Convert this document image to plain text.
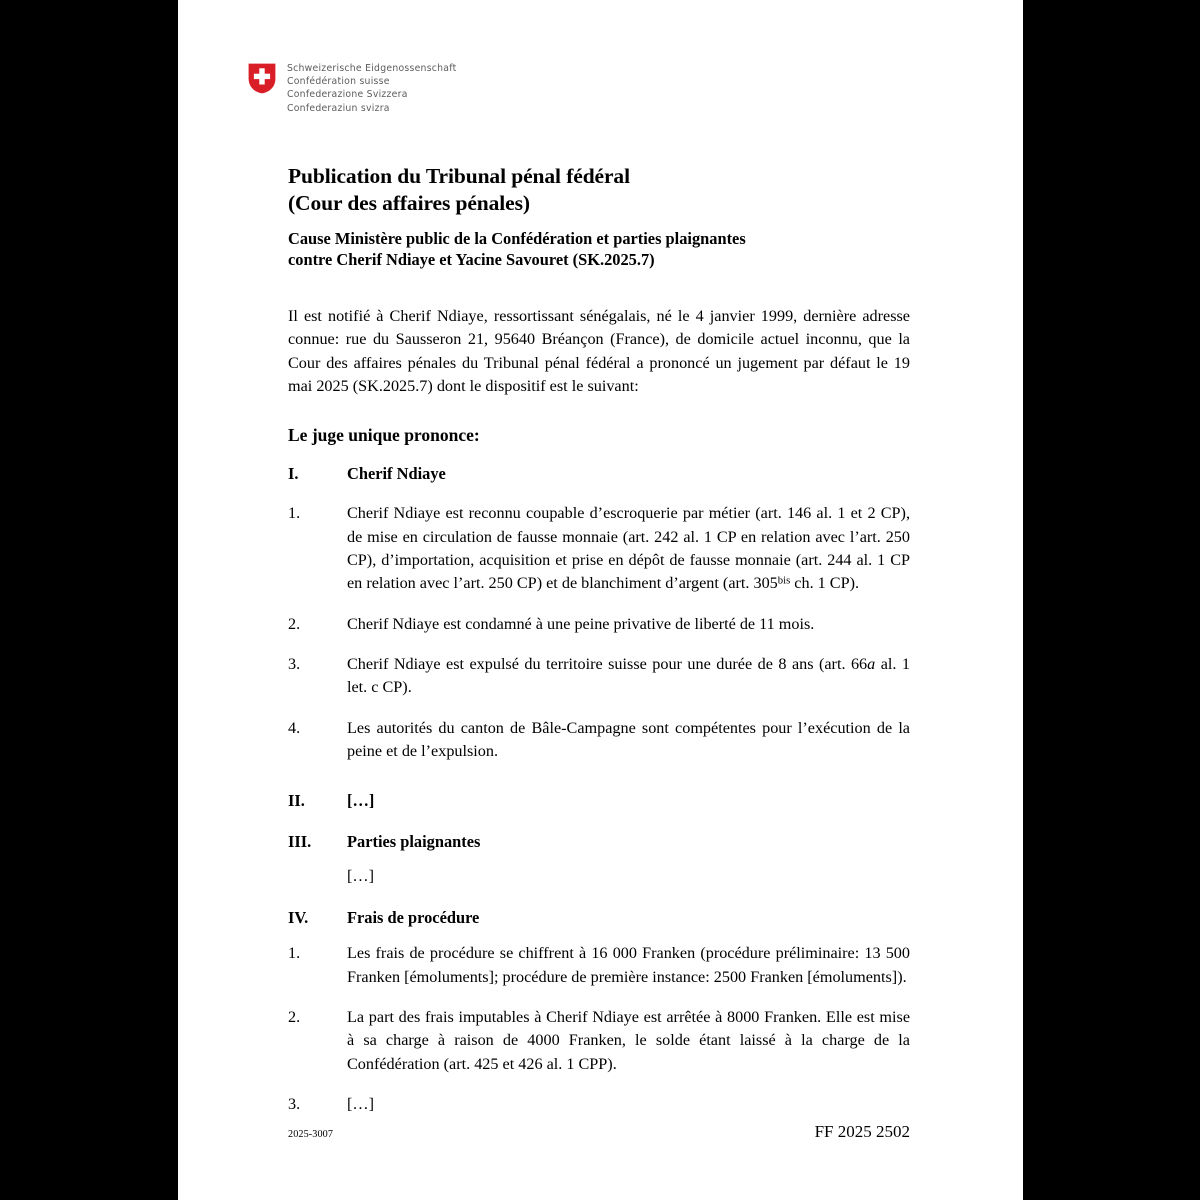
Schweizerische Eidgenossenschaft
Confédération suisse
Confederazione Svizzera
Confederaziun svizra
Publication du Tribunal pénal fédéral
(Cour des affaires pénales)
Cause Ministère public de la Confédération et parties plaignantes
contre Cherif Ndiaye et Yacine Savouret (SK.2025.7)

Il est notifié à Cherif Ndiaye, ressortissant sénégalais, né le 4 janvier 1999, dernière adresse connue: rue du Sausseron 21, 95640 Bréançon (France), de domicile actuel inconnu, que la Cour des affaires pénales du Tribunal pénal fédéral a prononcé un jugement par défaut le 19 mai 2025 (SK.2025.7) dont le dispositif est le suivant:

Le juge unique prononce:

I.	Cherif Ndiaye
1.	Cherif Ndiaye est reconnu coupable d’escroquerie par métier (art. 146 al. 1 et 2 CP), de mise en circulation de fausse monnaie (art. 242 al. 1 CP en relation avec l’art. 250 CP), d’importation, acquisition et prise en dépôt de fausse monnaie (art. 244 al. 1 CP en relation avec l’art. 250 CP) et de blanchiment d’argent (art. $305^{bis}$ ch. 1 CP).
2.	Cherif Ndiaye est condamné à une peine privative de liberté de 11 mois.
3.	Cherif Ndiaye est expulsé du territoire suisse pour une durée de 8 ans (art. 66a al. 1 let. c CP).
4.	Les autorités du canton de Bâle-Campagne sont compétentes pour l’exécution de la peine et de l’expulsion.
II.	[…]
III.	Parties plaignantes
[…]
IV.	Frais de procédure
1.	Les frais de procédure se chiffrent à 16 000 Franken (procédure préliminaire: 13 500 Franken [émoluments]; procédure de première instance: 2500 Franken [émoluments]).
2.	La part des frais imputables à Cherif Ndiaye est arrêtée à 8000 Franken. Elle est mise à sa charge à raison de 4000 Franken, le solde étant laissé à la charge de la Confédération (art. 425 et 426 al. 1 CPP).
3.	[…]
2025-3007	FF 2025 2502
